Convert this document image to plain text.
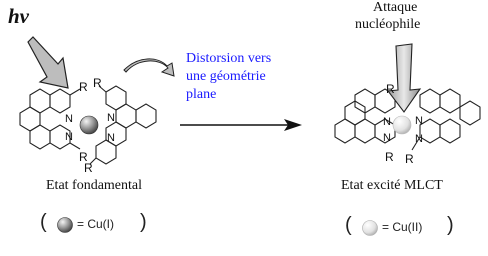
hν
R
R
R
R
N
N
N
N
R
R R
N
N
N
N
Attaque
nucléophile
Distorsion vers
une géométrie
plane
Etat fondamental	Etat excité MLCT
(	= Cu(I) )	(	= Cu(II) )
